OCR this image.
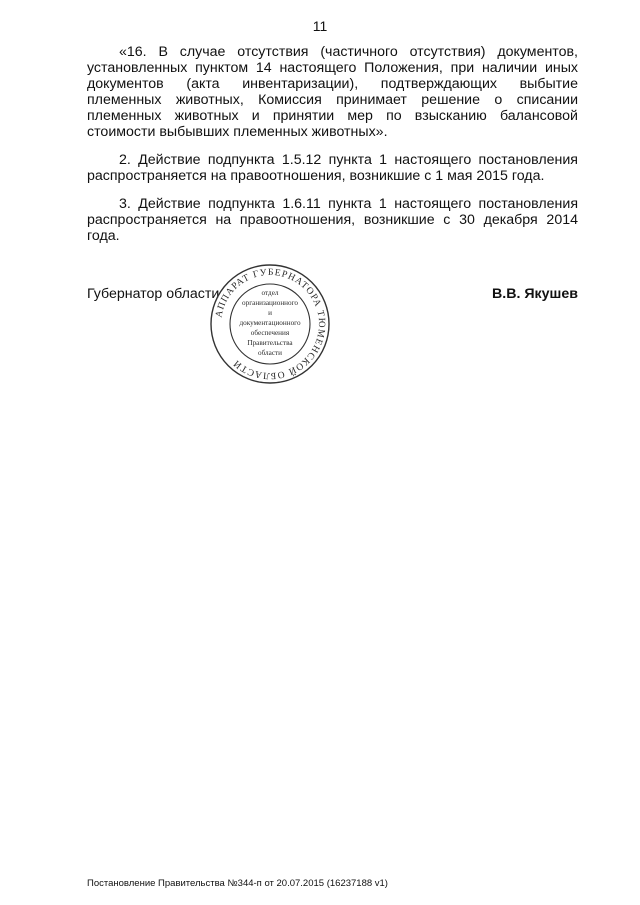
11

«16. В случае отсутствия (частичного отсутствия) документов, установленных пунктом 14 настоящего Положения, при наличии иных документов (акта инвентаризации), подтверждающих выбытие племенных животных, Комиссия принимает решение о списании племенных животных и принятии мер по взысканию балансовой стоимости выбывших племенных животных».

2. Действие подпункта 1.5.12 пункта 1 настоящего постановления распространяется на правоотношения, возникшие с 1 мая 2015 года.

3. Действие подпункта 1.6.11 пункта 1 настоящего постановления распространяется на правоотношения, возникшие с 30 декабря 2014 года.

Губернатор области	В.В. Якушев
АППАРАТ ГУБЕРНАТОРА ТЮМЕНСКОЙ ОБЛАСТИ
отдел
организационного
и
документационного
обеспечения
Правительства
области
Постановление Правительства №344-п от 20.07.2015 (16237188 v1)
